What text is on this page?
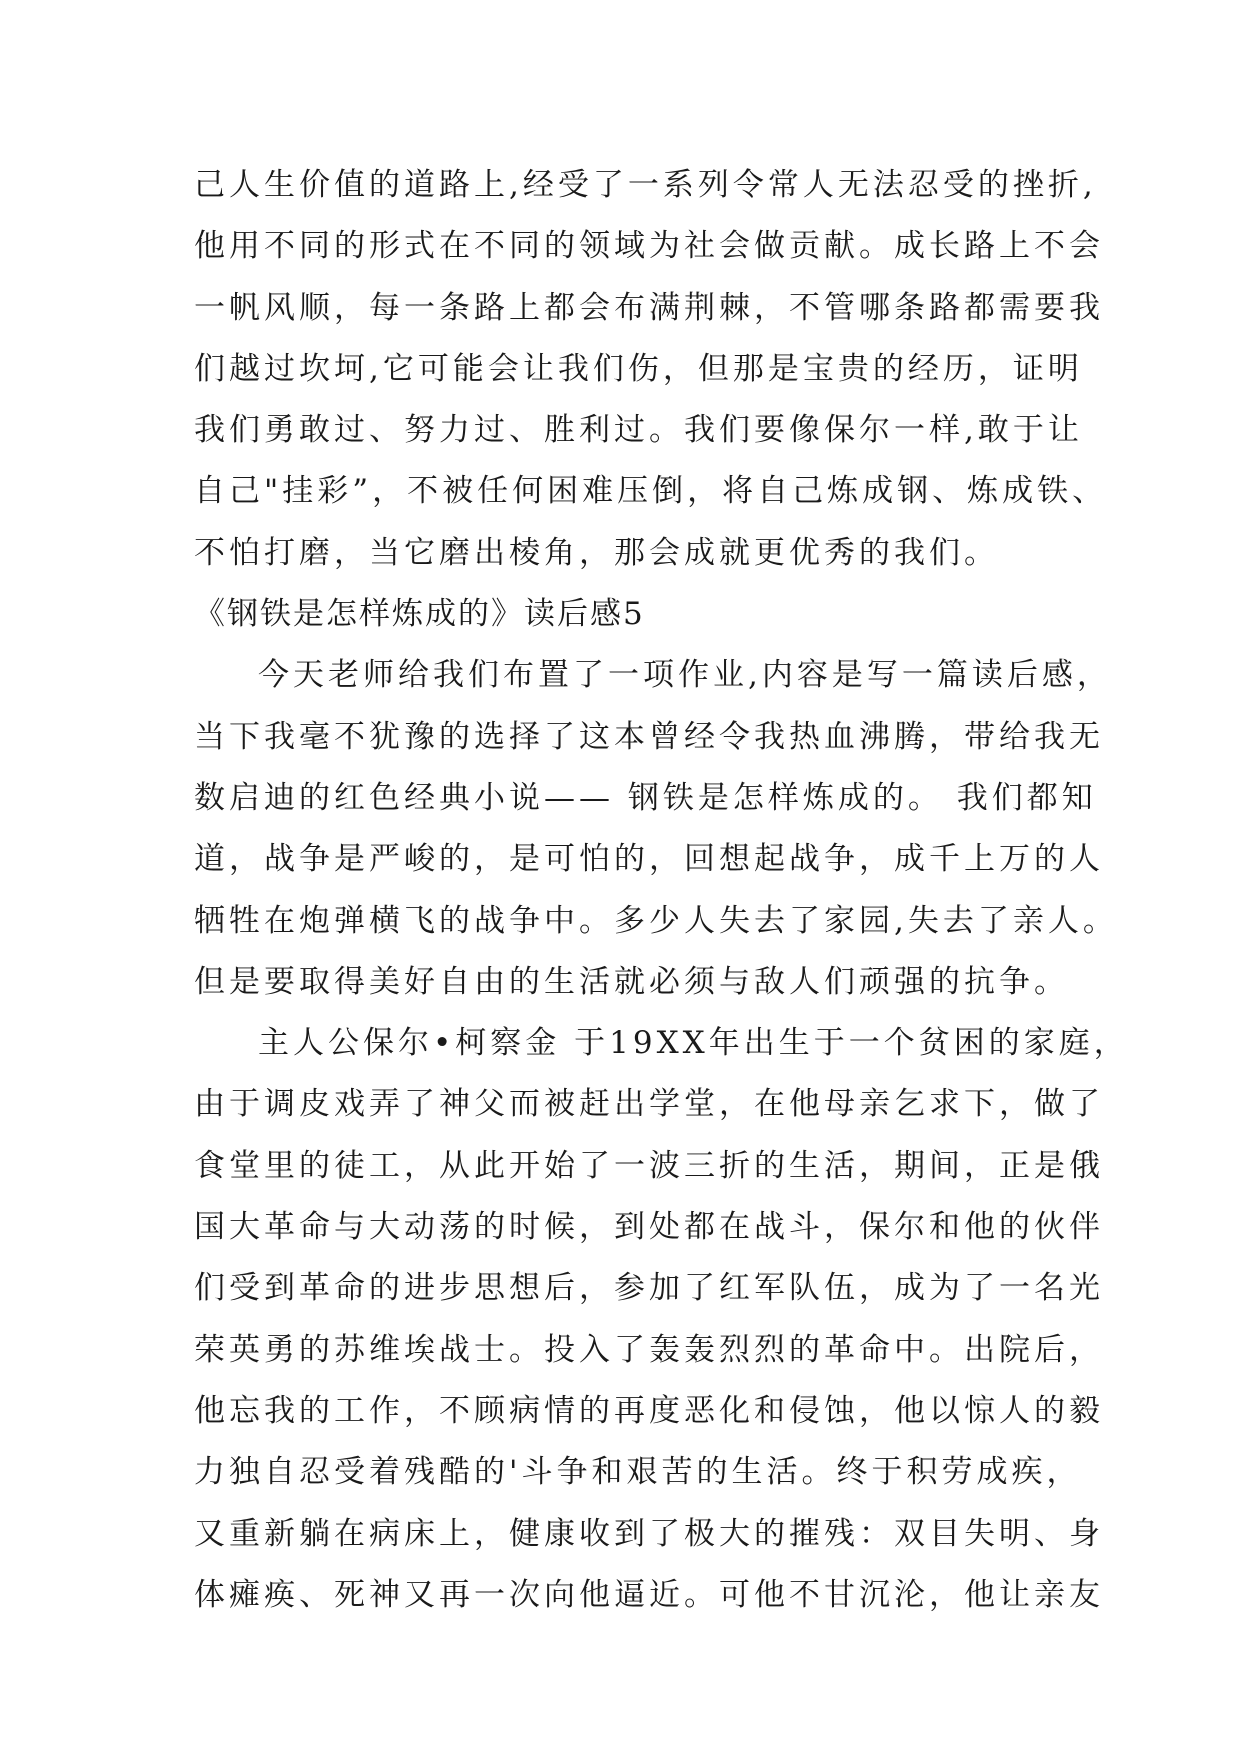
己人生价值的道路上,经受了一系列令常人无法忍受的挫折,
他用不同的形式在不同的领域为社会做贡献。成长路上不会
一帆风顺，每一条路上都会布满荆棘，不管哪条路都需要我
们越过坎坷,它可能会让我们伤，但那是宝贵的经历，证明
我们勇敢过、努力过、胜利过。我们要像保尔一样,敢于让
自己"挂彩”，不被任何困难压倒，将自己炼成钢、炼成铁、
不怕打磨，当它磨出棱角，那会成就更优秀的我们。
《钢铁是怎样炼成的》读后感5
今天老师给我们布置了一项作业,内容是写一篇读后感，
当下我毫不犹豫的选择了这本曾经令我热血沸腾，带给我无
数启迪的红色经典小说—— 钢铁是怎样炼成的。 我们都知
道，战争是严峻的，是可怕的，回想起战争，成千上万的人
牺牲在炮弹横飞的战争中。多少人失去了家园,失去了亲人。
但是要取得美好自由的生活就必须与敌人们顽强的抗争。
主人公保尔•柯察金 于19XX年出生于一个贫困的家庭，
由于调皮戏弄了神父而被赶出学堂，在他母亲乞求下，做了
食堂里的徒工，从此开始了一波三折的生活，期间，正是俄
国大革命与大动荡的时候，到处都在战斗，保尔和他的伙伴
们受到革命的进步思想后，参加了红军队伍，成为了一名光
荣英勇的苏维埃战士。投入了轰轰烈烈的革命中。出院后，
他忘我的工作，不顾病情的再度恶化和侵蚀，他以惊人的毅
力独自忍受着残酷的'斗争和艰苦的生活。终于积劳成疾，
又重新躺在病床上，健康收到了极大的摧残：双目失明、身
体瘫痪、死神又再一次向他逼近。可他不甘沉沦，他让亲友
